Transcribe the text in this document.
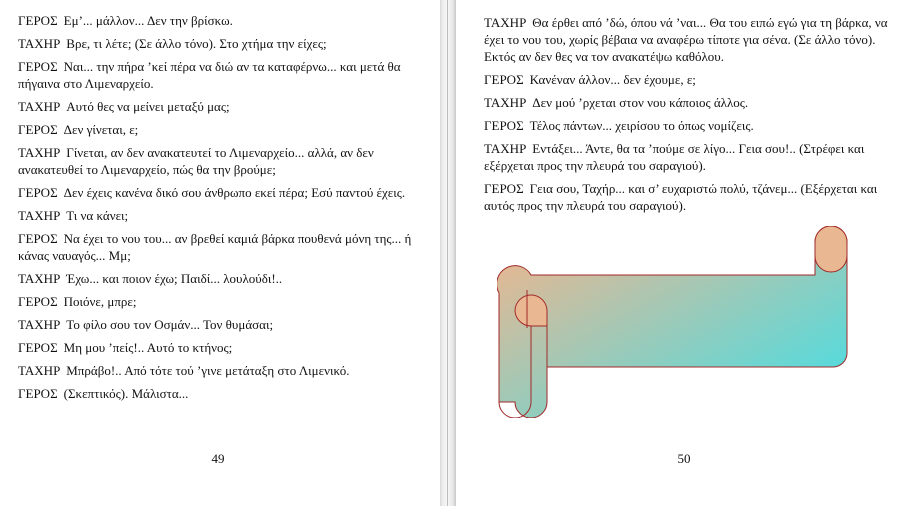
ΓΕΡΟΣ Εμ’... μάλλον... Δεν την βρίσκω.

ΤΑΧΗΡ Βρε, τι λέτε; (Σε άλλο τόνο). Στο χτήμα την είχες;

ΓΕΡΟΣ Ναι... την πήρα ’κεί πέρα να διώ αν τα καταφέρνω... και μετά θα πήγαινα στο Λιμεναρχείο.

ΤΑΧΗΡ Αυτό θες να μείνει μεταξύ μας;

ΓΕΡΟΣ Δεν γίνεται, ε;

ΤΑΧΗΡ Γίνεται, αν δεν ανακατευτεί το Λιμεναρχείο... αλλά, αν δεν ανακατευθεί το Λιμεναρχείο, πώς θα την βρούμε;

ΓΕΡΟΣ Δεν έχεις κανένα δικό σου άνθρωπο εκεί πέρα; Εσύ παντού έχεις.

ΤΑΧΗΡ Τι να κάνει;

ΓΕΡΟΣ Να έχει το νου του... αν βρεθεί καμιά βάρκα πουθενά μόνη της... ή κάνας ναυαγός... Μμ;

ΤΑΧΗΡ Έχω... και ποιον έχω; Παιδί... λουλούδι!..

ΓΕΡΟΣ Ποιόνε, μπρε;

ΤΑΧΗΡ Το φίλο σου τον Οσμάν... Τον θυμάσαι;

ΓΕΡΟΣ Μη μου ’πείς!.. Αυτό το κτήνος;

ΤΑΧΗΡ Μπράβο!.. Από τότε τού ’γινε μετάταξη στο Λιμενικό.

ΓΕΡΟΣ (Σκεπτικός). Μάλιστα...

49

ΤΑΧΗΡ Θα έρθει από ’δώ, όπου νά ’ναι... Θα του ειπώ εγώ για τη βάρκα, να έχει το νου του, χωρίς βέβαια να αναφέρω τίποτε για σένα. (Σε άλλο τόνο). Εκτός αν δεν θες να τον ανακατέψω καθόλου.

ΓΕΡΟΣ Κανέναν άλλον... δεν έχουμε, ε;

ΤΑΧΗΡ Δεν μού ’ρχεται στον νου κάποιος άλλος.

ΓΕΡΟΣ Τέλος πάντων... χειρίσου το όπως νομίζεις.

ΤΑΧΗΡ Εντάξει... Άντε, θα τα ’πούμε σε λίγο... Γεια σου!.. (Στρέφει και εξέρχεται προς την πλευρά του σαραγιού).

ΓΕΡΟΣ Γεια σου, Ταχήρ... και σ’ ευχαριστώ πολύ, τζάνεμ... (Εξέρχεται και αυτός προς την πλευρά του σαραγιού).

50
